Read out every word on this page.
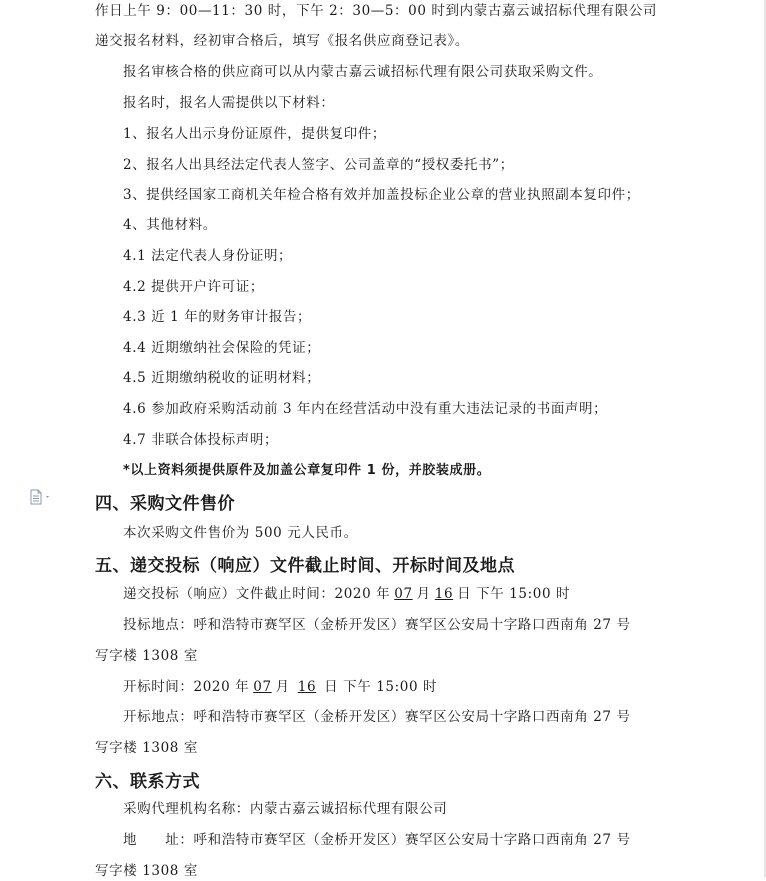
作日上午 9：00—11：30 时，下午 2：30—5：00 时到内蒙古嘉云诚招标代理有限公司
递交报名材料，经初审合格后，填写《报名供应商登记表》。
报名审核合格的供应商可以从内蒙古嘉云诚招标代理有限公司获取采购文件。
报名时，报名人需提供以下材料：
1、报名人出示身份证原件，提供复印件；
2、报名人出具经法定代表人签字、公司盖章的“授权委托书”；
3、提供经国家工商机关年检合格有效并加盖投标企业公章的营业执照副本复印件；
4、其他材料。
4.1 法定代表人身份证明；
4.2 提供开户许可证；
4.3 近 1 年的财务审计报告；
4.4 近期缴纳社会保险的凭证；
4.5 近期缴纳税收的证明材料；
4.6 参加政府采购活动前 3 年内在经营活动中没有重大违法记录的书面声明；
4.7 非联合体投标声明；
*以上资料须提供原件及加盖公章复印件 1 份，并胶装成册。
四、采购文件售价
本次采购文件售价为 500 元人民币。
五、递交投标（响应）文件截止时间、开标时间及地点
递交投标（响应）文件截止时间：2020 年 07 月 16 日 下午 15:00 时
投标地点：呼和浩特市赛罕区（金桥开发区）赛罕区公安局十字路口西南角 27 号
写字楼 1308 室
开标时间：2020 年 07 月 16 日 下午 15:00 时
开标地点：呼和浩特市赛罕区（金桥开发区）赛罕区公安局十字路口西南角 27 号
写字楼 1308 室
六、联系方式
采购代理机构名称：内蒙古嘉云诚招标代理有限公司
地　　址：呼和浩特市赛罕区（金桥开发区）赛罕区公安局十字路口西南角 27 号
写字楼 1308 室
